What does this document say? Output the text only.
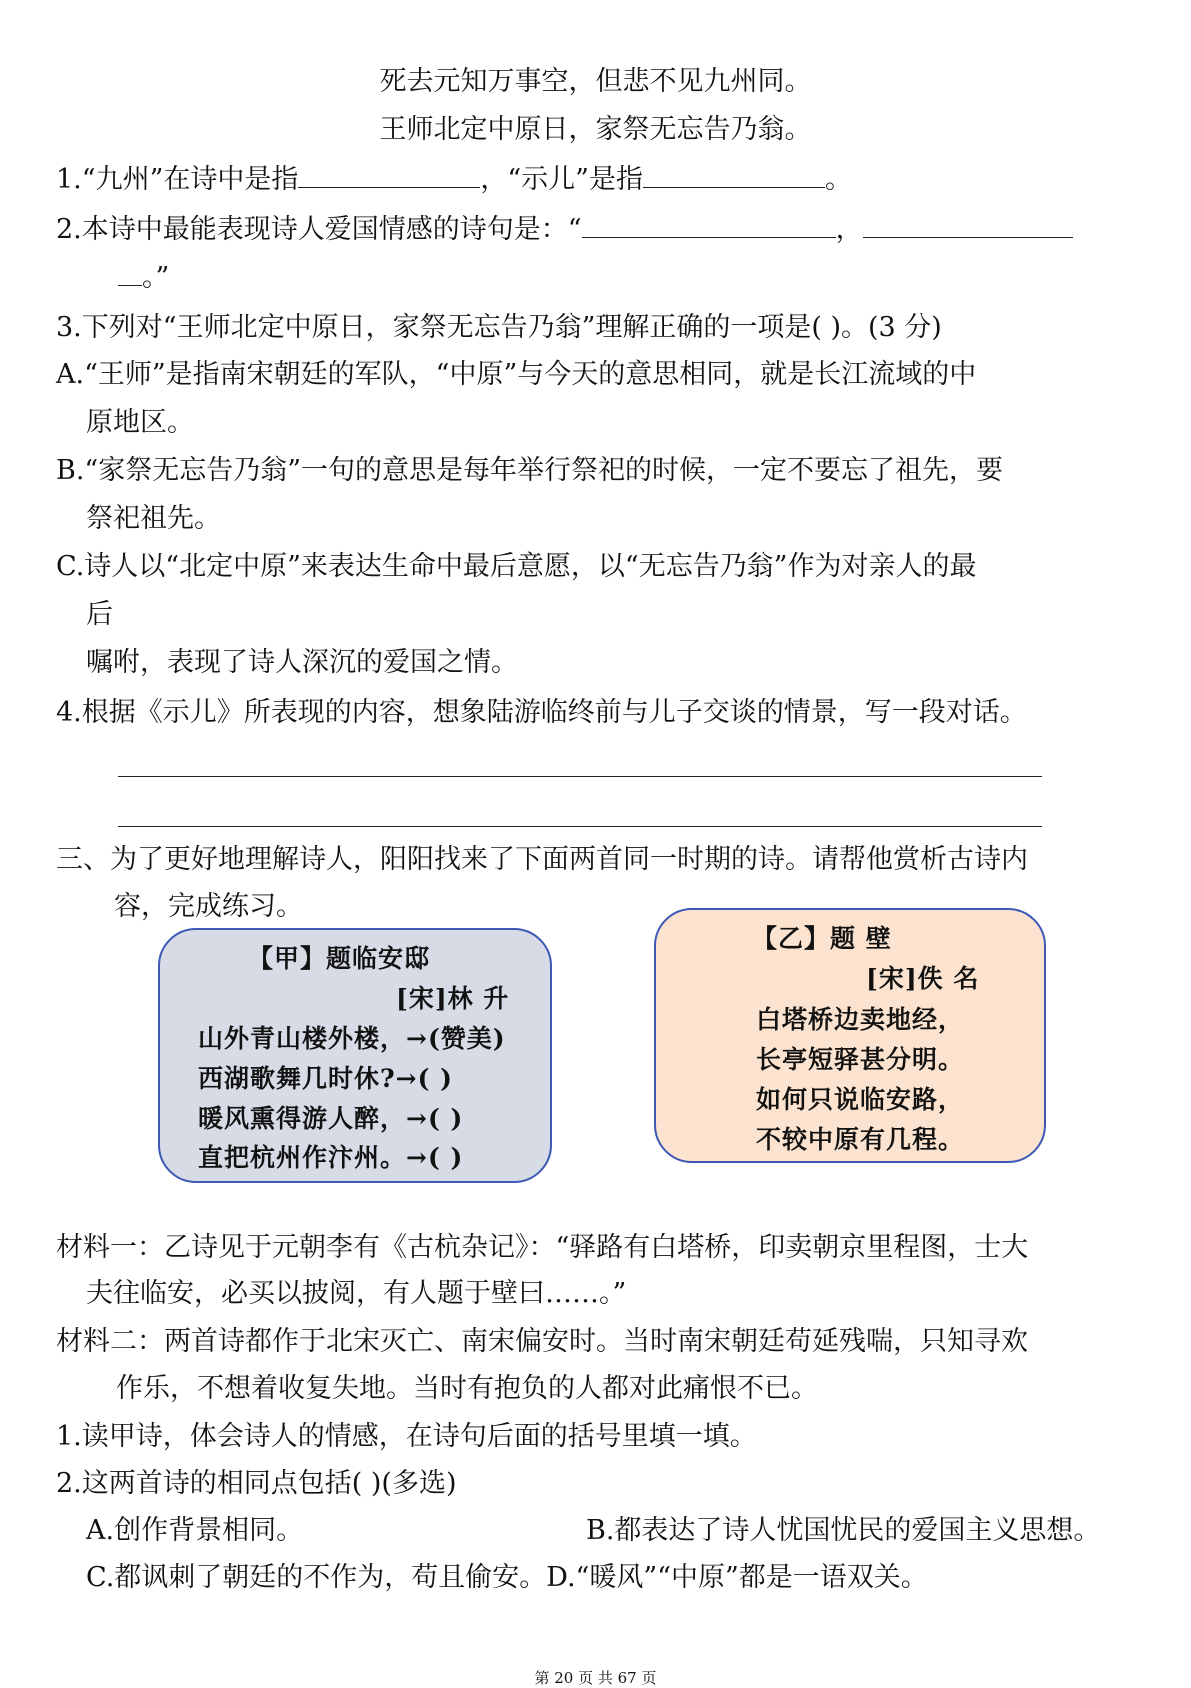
死去元知万事空，但悲不见九州同。
王师北定中原日，家祭无忘告乃翁。
1.“九州”在诗中是指	，“示儿”是指	。
2.本诗中最能表现诗人爱国情感的诗句是：“	，
。”
3.下列对“王师北定中原日，家祭无忘告乃翁”理解正确的一项是( )。(3 分)
A.“王师”是指南宋朝廷的军队，“中原”与今天的意思相同，就是长江流域的中
原地区。
B.“家祭无忘告乃翁”一句的意思是每年举行祭祀的时候，一定不要忘了祖先，要
祭祀祖先。
C.诗人以“北定中原”来表达生命中最后意愿，以“无忘告乃翁”作为对亲人的最
后
嘱咐，表现了诗人深沉的爱国之情。
4.根据《示儿》所表现的内容，想象陆游临终前与儿子交谈的情景，写一段对话。
三、为了更好地理解诗人，阳阳找来了下面两首同一时期的诗。请帮他赏析古诗内
容，完成练习。
【甲】题临安邸
[宋]林 升
山外青山楼外楼，→(赞美)
西湖歌舞几时休?→( )
暖风熏得游人醉，→( )
直把杭州作汴州。→( )
【乙】题 壁
[宋]佚 名
白塔桥边卖地经，
长亭短驿甚分明。
如何只说临安路，
不较中原有几程。
材料一：乙诗见于元朝李有《古杭杂记》：“驿路有白塔桥，印卖朝京里程图，士大
夫往临安，必买以披阅，有人题于壁曰……。”
材料二：两首诗都作于北宋灭亡、南宋偏安时。当时南宋朝廷苟延残喘，只知寻欢
作乐，不想着收复失地。当时有抱负的人都对此痛恨不已。
1.读甲诗，体会诗人的情感，在诗句后面的括号里填一填。
2.这两首诗的相同点包括( )(多选)
A.创作背景相同。	B.都表达了诗人忧国忧民的爱国主义思想。
C.都讽刺了朝廷的不作为，苟且偷安。D.“暖风”“中原”都是一语双关。
第 20 页 共 67 页
